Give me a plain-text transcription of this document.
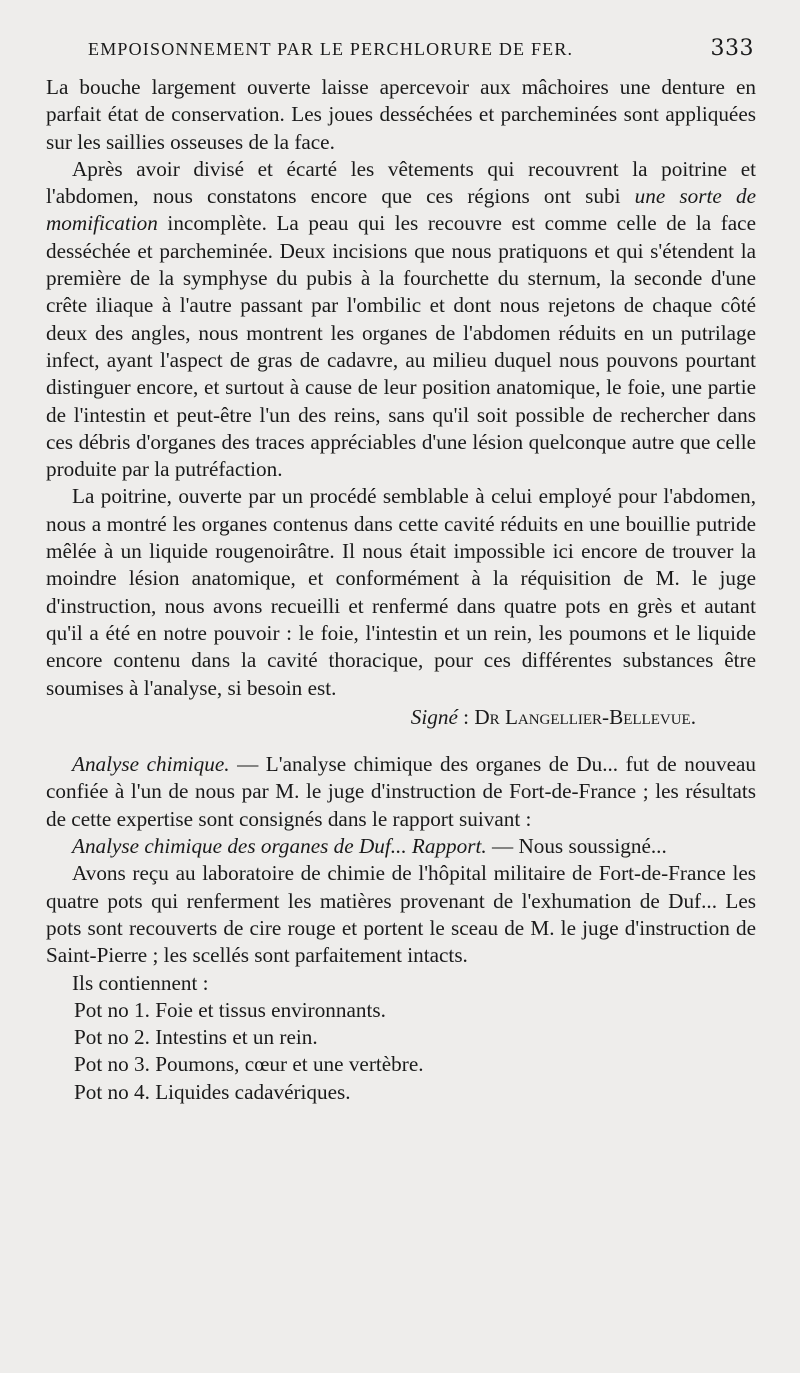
EMPOISONNEMENT PAR LE PERCHLORURE DE FER.	333

La bouche largement ouverte laisse apercevoir aux mâchoires une denture en parfait état de conservation. Les joues desséchées et parcheminées sont appliquées sur les saillies osseuses de la face.

Après avoir divisé et écarté les vêtements qui recouvrent la poitrine et l'abdomen, nous constatons encore que ces régions ont subi une sorte de momification incomplète. La peau qui les recouvre est comme celle de la face desséchée et parcheminée. Deux incisions que nous pratiquons et qui s'étendent la première de la symphyse du pubis à la fourchette du sternum, la seconde d'une crête iliaque à l'autre passant par l'ombilic et dont nous rejetons de chaque côté deux des angles, nous montrent les organes de l'abdomen réduits en un putrilage infect, ayant l'aspect de gras de cadavre, au milieu duquel nous pouvons pourtant distinguer encore, et surtout à cause de leur position anatomique, le foie, une partie de l'intestin et peut-être l'un des reins, sans qu'il soit possible de rechercher dans ces débris d'organes des traces appréciables d'une lésion quelconque autre que celle produite par la putréfaction.

La poitrine, ouverte par un procédé semblable à celui employé pour l'abdomen, nous a montré les organes contenus dans cette cavité réduits en une bouillie putride mêlée à un liquide rougenoirâtre. Il nous était impossible ici encore de trouver la moindre lésion anatomique, et conformément à la réquisition de M. le juge d'instruction, nous avons recueilli et renfermé dans quatre pots en grès et autant qu'il a été en notre pouvoir : le foie, l'intestin et un rein, les poumons et le liquide encore contenu dans la cavité thoracique, pour ces différentes substances être soumises à l'analyse, si besoin est.

Signé : Dr Langellier-Bellevue.

Analyse chimique. — L'analyse chimique des organes de Du... fut de nouveau confiée à l'un de nous par M. le juge d'instruction de Fort-de-France ; les résultats de cette expertise sont consignés dans le rapport suivant :

Analyse chimique des organes de Duf... Rapport. — Nous soussigné...

Avons reçu au laboratoire de chimie de l'hôpital militaire de Fort-de-France les quatre pots qui renferment les matières provenant de l'exhumation de Duf... Les pots sont recouverts de cire rouge et portent le sceau de M. le juge d'instruction de Saint-Pierre ; les scellés sont parfaitement intacts.

Ils contiennent :

Pot no 1. Foie et tissus environnants.

Pot no 2. Intestins et un rein.

Pot no 3. Poumons, cœur et une vertèbre.

Pot no 4. Liquides cadavériques.
